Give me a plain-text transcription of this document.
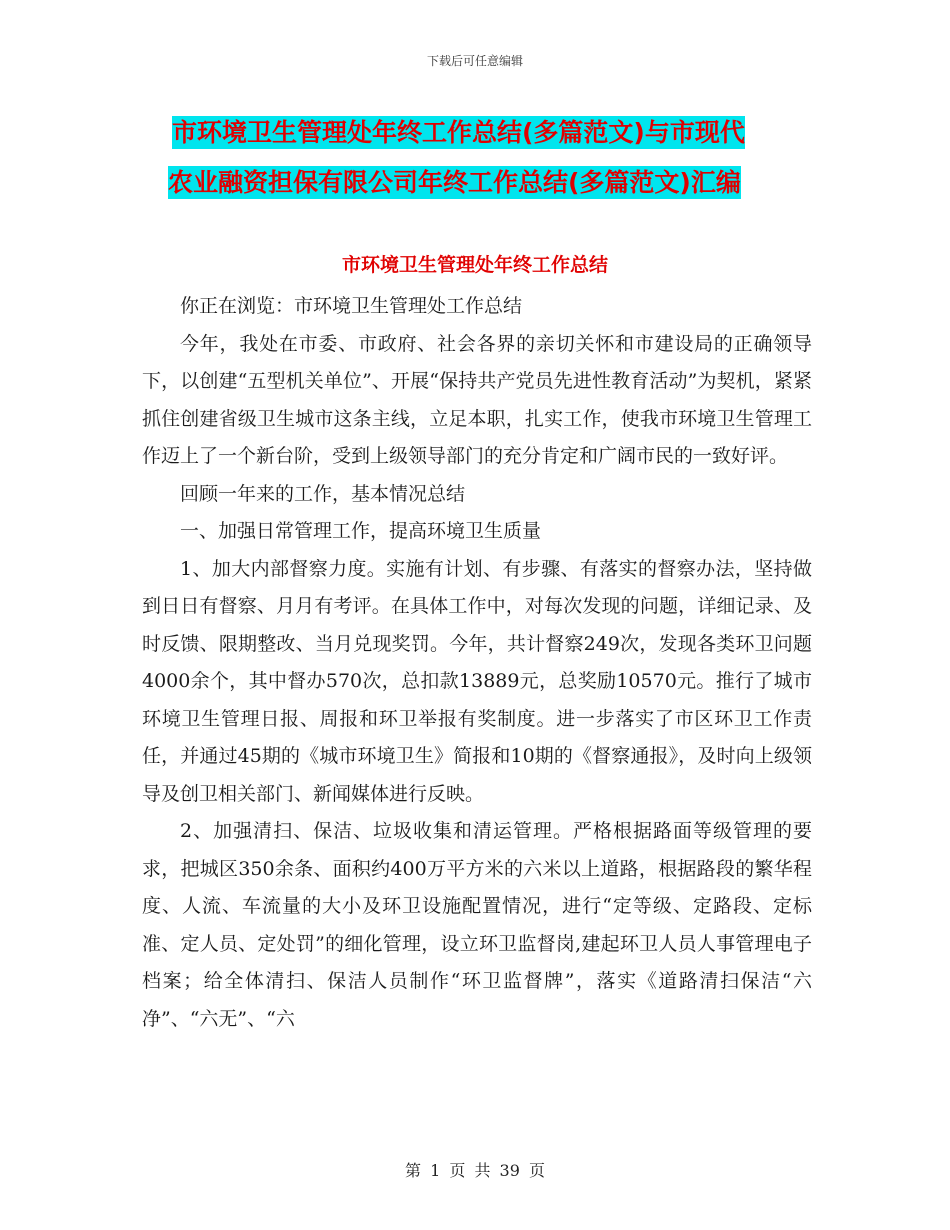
下载后可任意编辑
市环境卫生管理处年终工作总结(多篇范文)与市现代
农业融资担保有限公司年终工作总结(多篇范文)汇编
市环境卫生管理处年终工作总结

你正在浏览：市环境卫生管理处工作总结

今年，我处在市委、市政府、社会各界的亲切关怀和市建设局的正确领导下，以创建“五型机关单位”、开展“保持共产党员先进性教育活动”为契机，紧紧抓住创建省级卫生城市这条主线，立足本职，扎实工作，使我市环境卫生管理工作迈上了一个新台阶，受到上级领导部门的充分肯定和广阔市民的一致好评。

回顾一年来的工作，基本情况总结

一、加强日常管理工作，提高环境卫生质量

1、加大内部督察力度。实施有计划、有步骤、有落实的督察办法，坚持做到日日有督察、月月有考评。在具体工作中，对每次发现的问题，详细记录、及时反馈、限期整改、当月兑现奖罚。今年，共计督察249次，发现各类环卫问题4000余个，其中督办570次，总扣款13889元，总奖励10570元。推行了城市环境卫生管理日报、周报和环卫举报有奖制度。进一步落实了市区环卫工作责任，并通过45期的《城市环境卫生》简报和10期的《督察通报》，及时向上级领导及创卫相关部门、新闻媒体进行反映。

2、加强清扫、保洁、垃圾收集和清运管理。严格根据路面等级管理的要求，把城区350余条、面积约400万平方米的六米以上道路，根据路段的繁华程度、人流、车流量的大小及环卫设施配置情况，进行“定等级、定路段、定标准、定人员、定处罚”的细化管理，设立环卫监督岗,建起环卫人员人事管理电子档案；给全体清扫、保洁人员制作“环卫监督牌”，落实《道路清扫保洁“六净”、“六无”、“六

第 1 页 共 39 页
